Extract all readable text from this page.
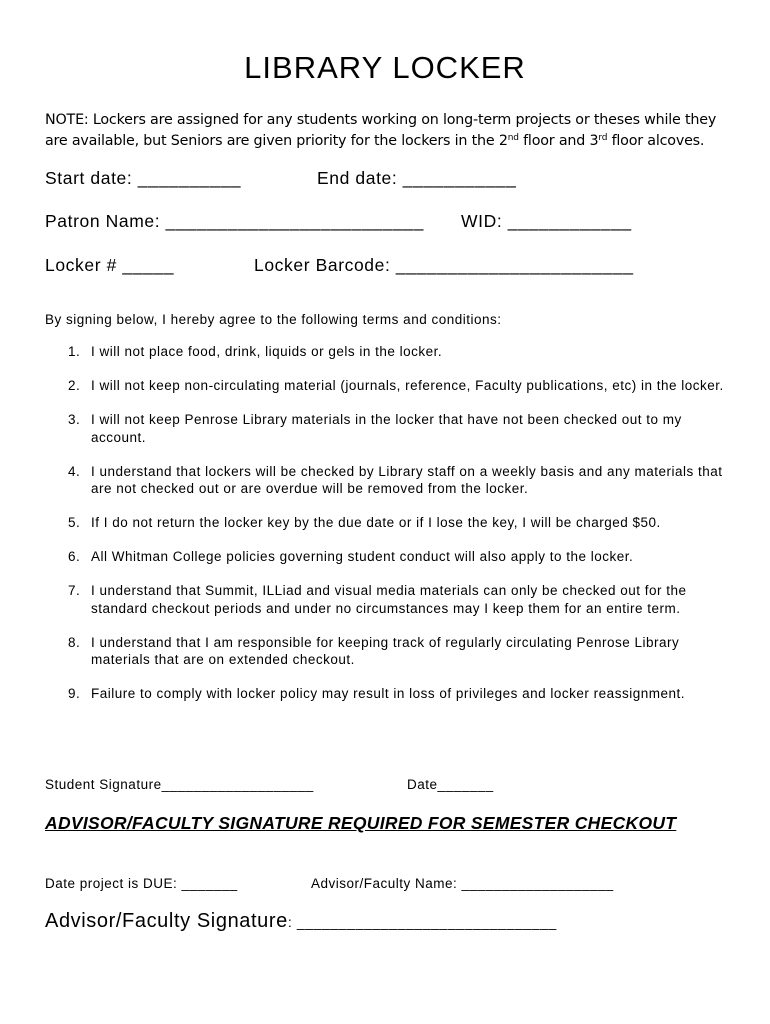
LIBRARY LOCKER
NOTE: Lockers are assigned for any students working on long-term projects or theses while they are available, but Seniors are given priority for the lockers in the 2nd floor and 3rd floor alcoves.
Start date: __________	End date: ___________
Patron Name: _________________________ WID: ____________
Locker # _____	Locker Barcode: _______________________
By signing below, I hereby agree to the following terms and conditions:
1. I will not place food, drink, liquids or gels in the locker.
2. I will not keep non-circulating material (journals, reference, Faculty publications, etc) in the locker.
3. I will not keep Penrose Library materials in the locker that have not been checked out to my account.
4. I understand that lockers will be checked by Library staff on a weekly basis and any materials that are not checked out or are overdue will be removed from the locker.
5. If I do not return the locker key by the due date or if I lose the key, I will be charged $50.
6. All Whitman College policies governing student conduct will also apply to the locker.
7. I understand that Summit, ILLiad and visual media materials can only be checked out for the standard checkout periods and under no circumstances may I keep them for an entire term.
8. I understand that I am responsible for keeping track of regularly circulating Penrose Library materials that are on extended checkout.
9. Failure to comply with locker policy may result in loss of privileges and locker reassignment.
Student Signature___________________	Date_______
ADVISOR/FACULTY SIGNATURE REQUIRED FOR SEMESTER CHECKOUT
Date project is DUE: _______	Advisor/Faculty Name: ___________________
Advisor/Faculty Signature: _______________________________
